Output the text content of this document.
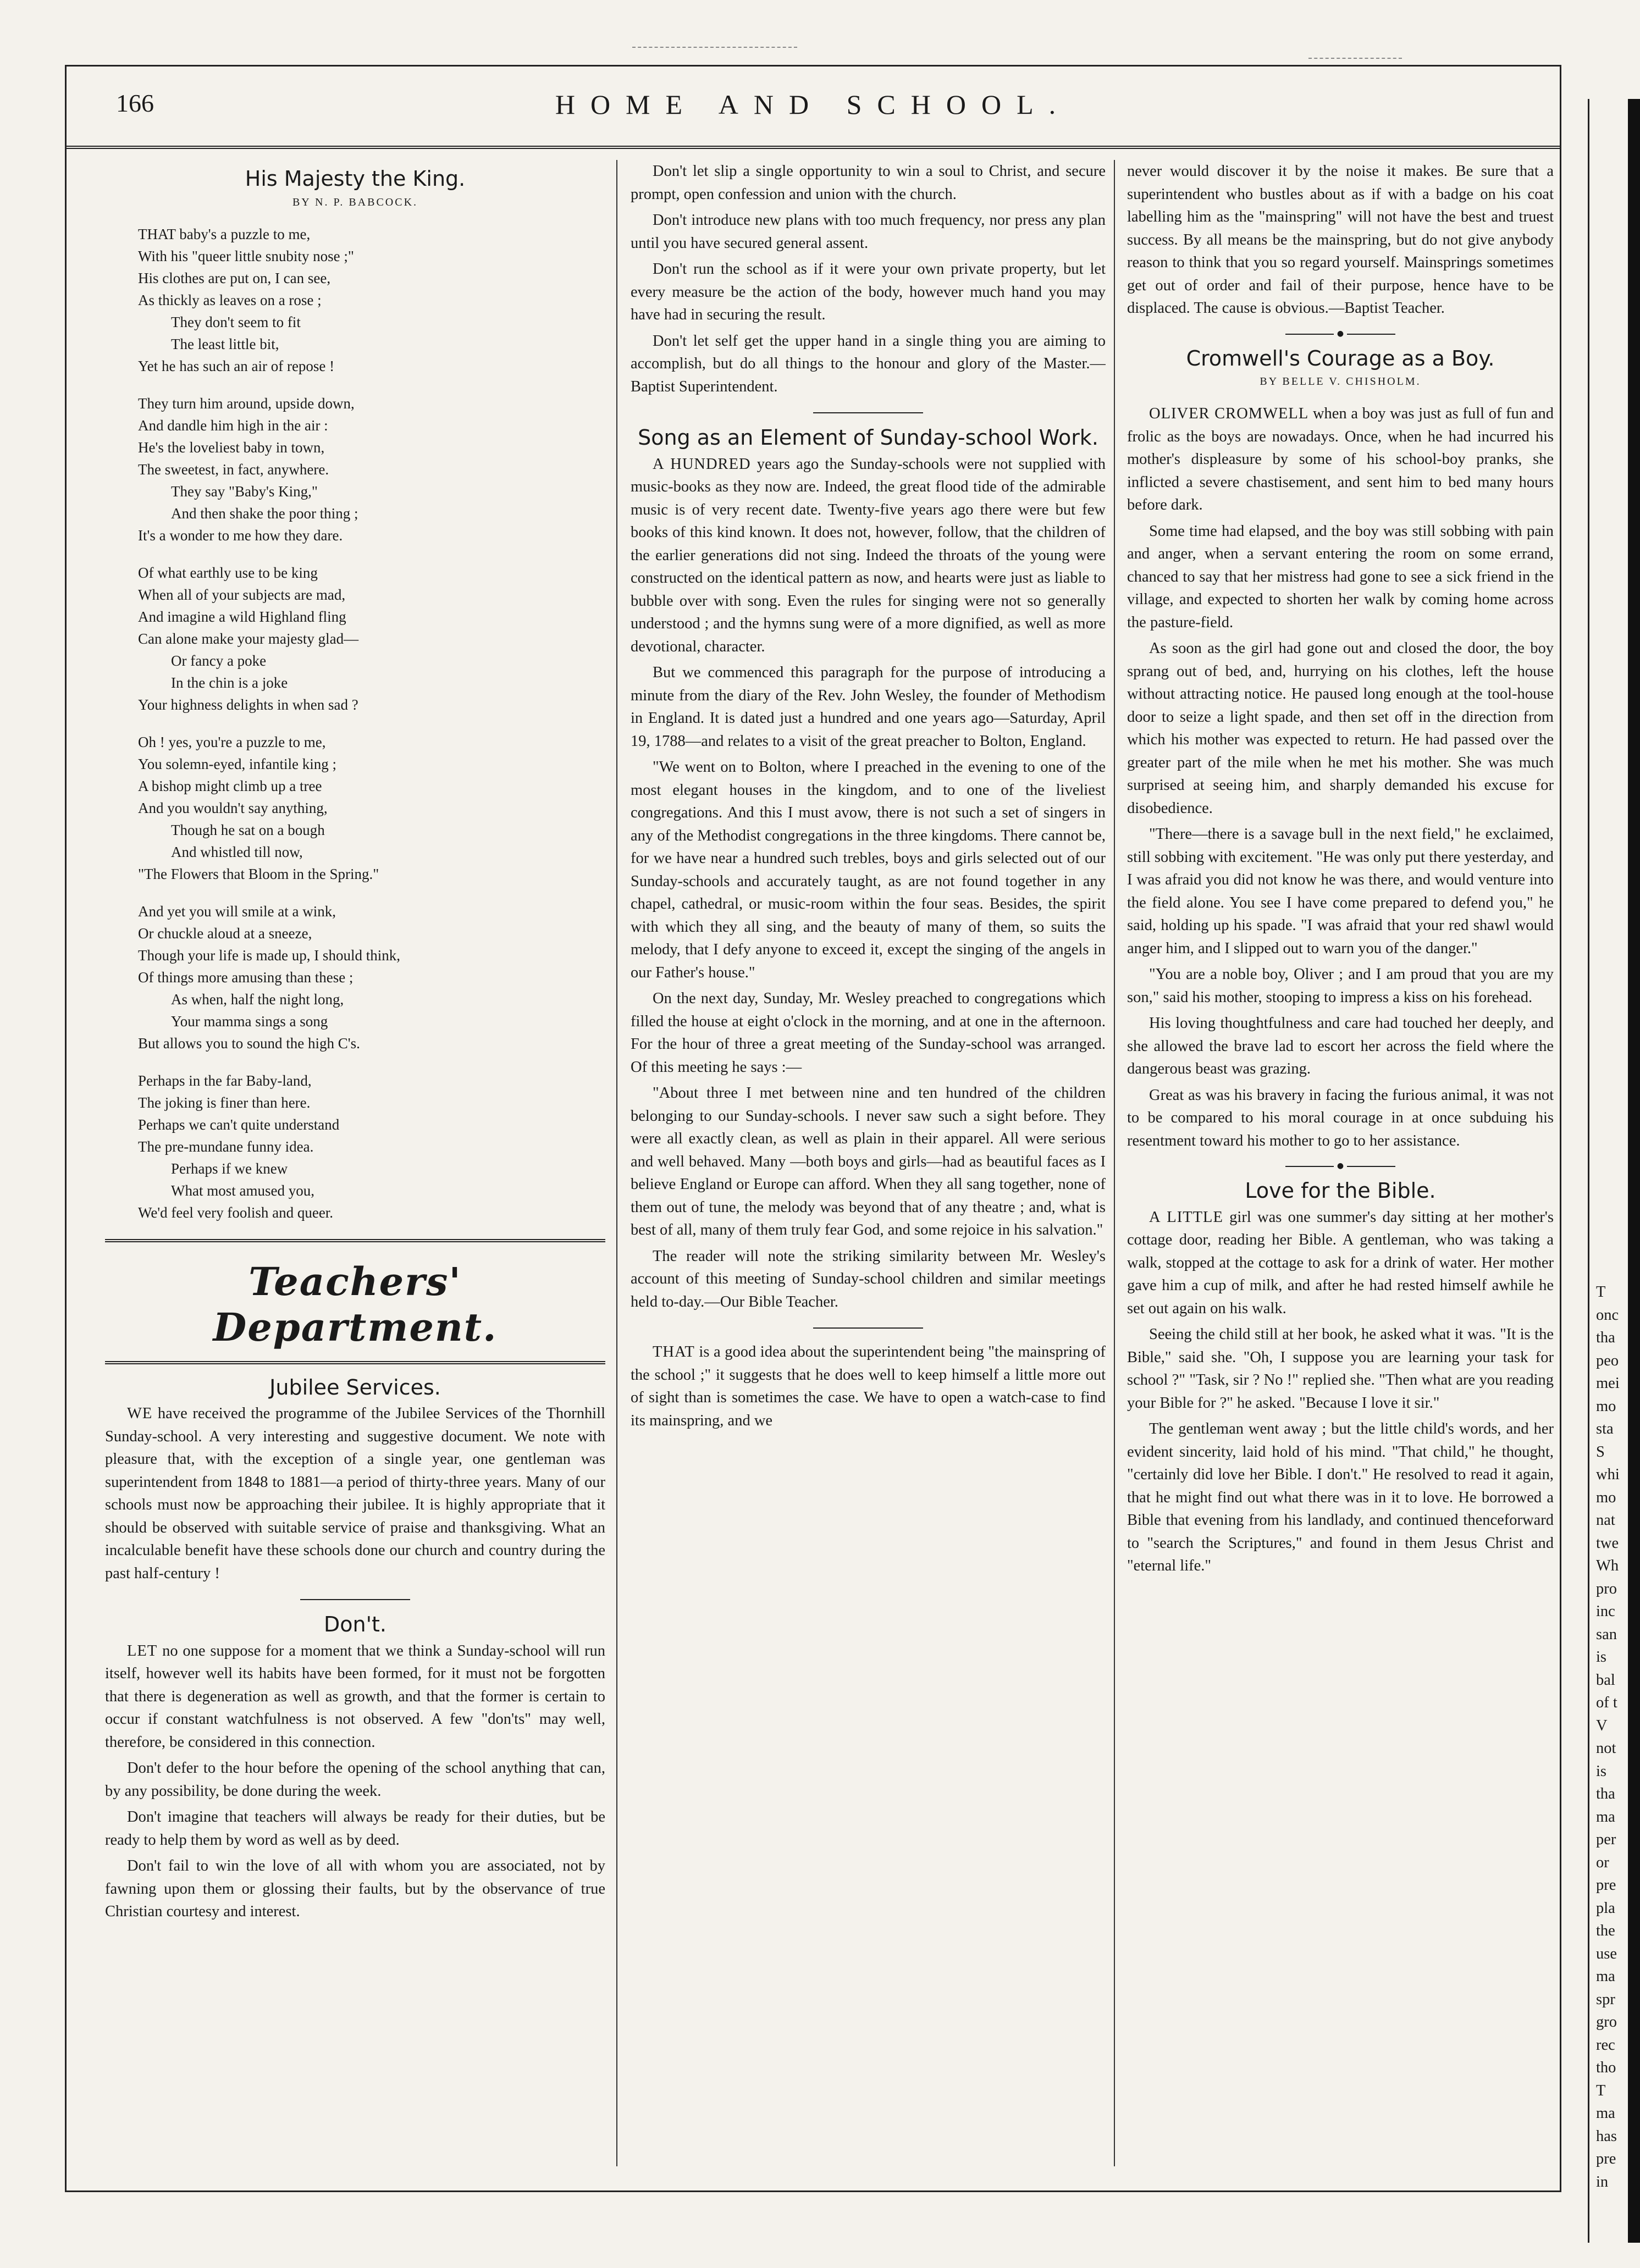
166	HOME AND SCHOOL.
His Majesty the King.
BY N. P. BABCOCK.
THAT baby's a puzzle to me,
With his "queer little snubity nose ;"
His clothes are put on, I can see,
As thickly as leaves on a rose ;
They don't seem to fit
The least little bit,
Yet he has such an air of repose !
They turn him around, upside down,
And dandle him high in the air :
He's the loveliest baby in town,
The sweetest, in fact, anywhere.
They say "Baby's King,"
And then shake the poor thing ;
It's a wonder to me how they dare.
Of what earthly use to be king
When all of your subjects are mad,
And imagine a wild Highland fling
Can alone make your majesty glad—
Or fancy a poke
In the chin is a joke
Your highness delights in when sad ?
Oh ! yes, you're a puzzle to me,
You solemn-eyed, infantile king ;
A bishop might climb up a tree
And you wouldn't say anything,
Though he sat on a bough
And whistled till now,
"The Flowers that Bloom in the Spring."
And yet you will smile at a wink,
Or chuckle aloud at a sneeze,
Though your life is made up, I should think,
Of things more amusing than these ;
As when, half the night long,
Your mamma sings a song
But allows you to sound the high C's.
Perhaps in the far Baby-land,
The joking is finer than here.
Perhaps we can't quite understand
The pre-mundane funny idea.
Perhaps if we knew
What most amused you,
We'd feel very foolish and queer.
Teachers' Department.
Jubilee Services.

WE have received the programme of the Jubilee Services of the Thornhill Sunday-school. A very interesting and suggestive document. We note with pleasure that, with the exception of a single year, one gentleman was superintendent from 1848 to 1881—a period of thirty-three years. Many of our schools must now be approaching their jubilee. It is highly appropriate that it should be observed with suitable service of praise and thanksgiving. What an incalculable benefit have these schools done our church and country during the past half-century !

Don't.

LET no one suppose for a moment that we think a Sunday-school will run itself, however well its habits have been formed, for it must not be forgotten that there is degeneration as well as growth, and that the former is certain to occur if constant watchfulness is not observed. A few "don'ts" may well, therefore, be considered in this connection.

Don't defer to the hour before the opening of the school anything that can, by any possibility, be done during the week.

Don't imagine that teachers will always be ready for their duties, but be ready to help them by word as well as by deed.

Don't fail to win the love of all with whom you are associated, not by fawning upon them or glossing their faults, but by the observance of true Christian courtesy and interest.

Don't let slip a single opportunity to win a soul to Christ, and secure prompt, open confession and union with the church.

Don't introduce new plans with too much frequency, nor press any plan until you have secured general assent.

Don't run the school as if it were your own private property, but let every measure be the action of the body, however much hand you may have had in securing the result.

Don't let self get the upper hand in a single thing you are aiming to accomplish, but do all things to the honour and glory of the Master.—Baptist Superintendent.

Song as an Element of Sunday-school Work.

A HUNDRED years ago the Sunday-schools were not supplied with music-books as they now are. Indeed, the great flood tide of the admirable music is of very recent date. Twenty-five years ago there were but few books of this kind known. It does not, however, follow, that the children of the earlier generations did not sing. Indeed the throats of the young were constructed on the identical pattern as now, and hearts were just as liable to bubble over with song. Even the rules for singing were not so generally understood ; and the hymns sung were of a more dignified, as well as more devotional, character.

But we commenced this paragraph for the purpose of introducing a minute from the diary of the Rev. John Wesley, the founder of Methodism in England. It is dated just a hundred and one years ago—Saturday, April 19, 1788—and relates to a visit of the great preacher to Bolton, England.

"We went on to Bolton, where I preached in the evening to one of the most elegant houses in the kingdom, and to one of the liveliest congregations. And this I must avow, there is not such a set of singers in any of the Methodist congregations in the three kingdoms. There cannot be, for we have near a hundred such trebles, boys and girls selected out of our Sunday-schools and accurately taught, as are not found together in any chapel, cathedral, or music-room within the four seas. Besides, the spirit with which they all sing, and the beauty of many of them, so suits the melody, that I defy anyone to exceed it, except the singing of the angels in our Father's house."

On the next day, Sunday, Mr. Wesley preached to congregations which filled the house at eight o'clock in the morning, and at one in the afternoon. For the hour of three a great meeting of the Sunday-school was arranged. Of this meeting he says :—

"About three I met between nine and ten hundred of the children belonging to our Sunday-schools. I never saw such a sight before. They were all exactly clean, as well as plain in their apparel. All were serious and well behaved. Many —both boys and girls—had as beautiful faces as I believe England or Europe can afford. When they all sang together, none of them out of tune, the melody was beyond that of any theatre ; and, what is best of all, many of them truly fear God, and some rejoice in his salvation."

The reader will note the striking similarity between Mr. Wesley's account of this meeting of Sunday-school children and similar meetings held to-day.—Our Bible Teacher.

THAT is a good idea about the superintendent being "the mainspring of the school ;" it suggests that he does well to keep himself a little more out of sight than is sometimes the case. We have to open a watch-case to find its mainspring, and we

never would discover it by the noise it makes. Be sure that a superintendent who bustles about as if with a badge on his coat labelling him as the "mainspring" will not have the best and truest success. By all means be the mainspring, but do not give anybody reason to think that you so regard yourself. Mainsprings sometimes get out of order and fail of their purpose, hence have to be displaced. The cause is obvious.—Baptist Teacher.

●
Cromwell's Courage as a Boy.
BY BELLE V. CHISHOLM.

OLIVER CROMWELL when a boy was just as full of fun and frolic as the boys are nowadays. Once, when he had incurred his mother's displeasure by some of his school-boy pranks, she inflicted a severe chastisement, and sent him to bed many hours before dark.

Some time had elapsed, and the boy was still sobbing with pain and anger, when a servant entering the room on some errand, chanced to say that her mistress had gone to see a sick friend in the village, and expected to shorten her walk by coming home across the pasture-field.

As soon as the girl had gone out and closed the door, the boy sprang out of bed, and, hurrying on his clothes, left the house without attracting notice. He paused long enough at the tool-house door to seize a light spade, and then set off in the direction from which his mother was expected to return. He had passed over the greater part of the mile when he met his mother. She was much surprised at seeing him, and sharply demanded his excuse for disobedience.

"There—there is a savage bull in the next field," he exclaimed, still sobbing with excitement. "He was only put there yesterday, and I was afraid you did not know he was there, and would venture into the field alone. You see I have come prepared to defend you," he said, holding up his spade. "I was afraid that your red shawl would anger him, and I slipped out to warn you of the danger."

"You are a noble boy, Oliver ; and I am proud that you are my son," said his mother, stooping to impress a kiss on his forehead.

His loving thoughtfulness and care had touched her deeply, and she allowed the brave lad to escort her across the field where the dangerous beast was grazing.

Great as was his bravery in facing the furious animal, it was not to be compared to his moral courage in at once subduing his resentment toward his mother to go to her assistance.

●
Love for the Bible.

A LITTLE girl was one summer's day sitting at her mother's cottage door, reading her Bible. A gentleman, who was taking a walk, stopped at the cottage to ask for a drink of water. Her mother gave him a cup of milk, and after he had rested himself awhile he set out again on his walk.

Seeing the child still at her book, he asked what it was. "It is the Bible," said she. "Oh, I suppose you are learning your task for school ?" "Task, sir ? No !" replied she. "Then what are you reading your Bible for ?" he asked. "Because I love it sir."

The gentleman went away ; but the little child's words, and her evident sincerity, laid hold of his mind. "That child," he thought, "certainly did love her Bible. I don't." He resolved to read it again, that he might find out what there was in it to love. He borrowed a Bible that evening from his landlady, and continued thenceforward to "search the Scriptures," and found in them Jesus Christ and "eternal life."

T
onc
tha
peo
mei
mo
sta
S
whi
mo
nat
twe
Wh
pro
inc
san
is
bal
of t
V
not
is
tha
ma
per
or
pre
pla
the
use
ma
spr
gro
rec
tho
T
ma
has
pre
in
